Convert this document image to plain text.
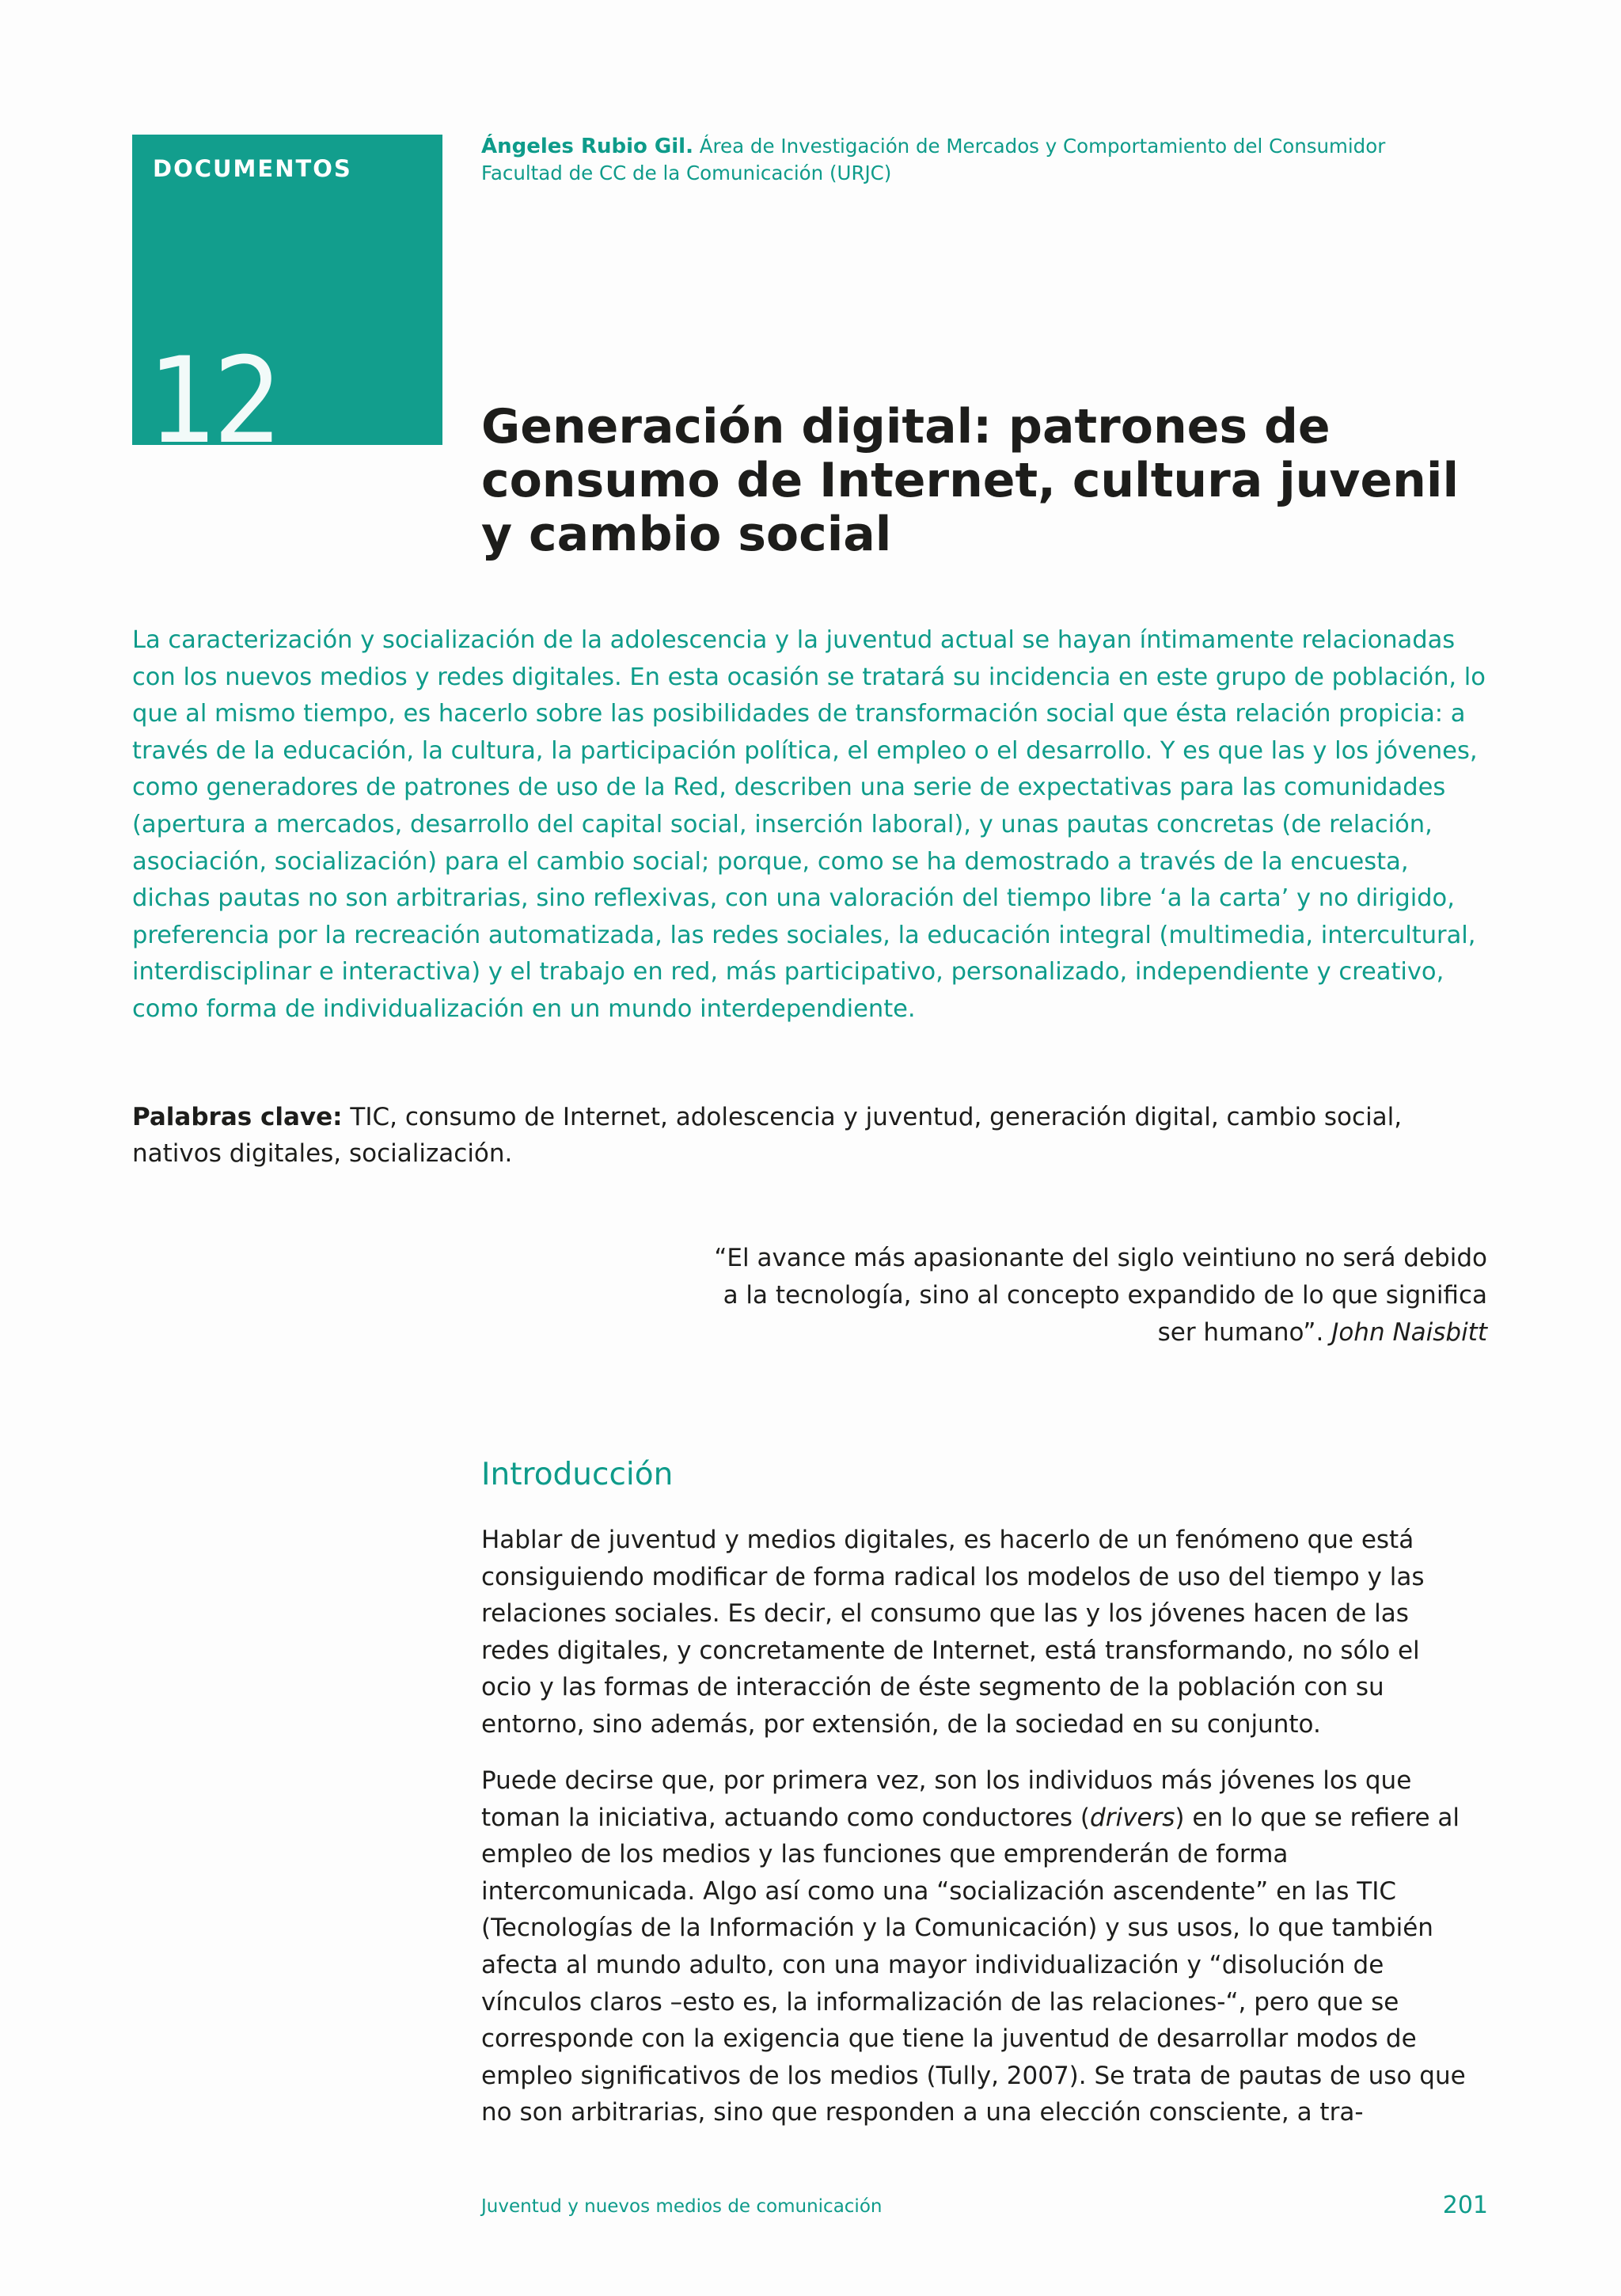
DOCUMENTOS
12
Ángeles Rubio Gil. Área de Investigación de Mercados y Comportamiento del Consumidor
Facultad de CC de la Comunicación (URJC)
Generación digital: patrones de consumo de Internet, cultura juvenil y cambio social

La caracterización y socialización de la adolescencia y la juventud actual se hayan íntimamente relacionadas con los nuevos medios y redes digitales. En esta ocasión se tratará su incidencia en este grupo de población, lo que al mismo tiempo, es hacerlo sobre las posibilidades de transformación social que ésta relación propicia: a través de la educación, la cultura, la participación política, el empleo o el desarrollo. Y es que las y los jóvenes, como generadores de patrones de uso de la Red, describen una serie de expectativas para las comunidades (apertura a mercados, desarrollo del capital social, inserción laboral), y unas pautas concretas (de relación, asociación, socialización) para el cambio social; porque, como se ha demostrado a través de la encuesta, dichas pautas no son arbitrarias, sino reflexivas, con una valoración del tiempo libre ‘a la carta’ y no dirigido, preferencia por la recreación automatizada, las redes sociales, la educación integral (multimedia, intercultural, interdisciplinar e interactiva) y el trabajo en red, más participativo, personalizado, independiente y creativo, como forma de individualización en un mundo interdependiente.

Palabras clave: TIC, consumo de Internet, adolescencia y juventud, generación digital, cambio social, nativos digitales, socialización.

“El avance más apasionante del siglo veintiuno no será debido a la tecnología, sino al concepto expandido de lo que significa ser humano”. John Naisbitt

Introducción

Hablar de juventud y medios digitales, es hacerlo de un fenómeno que está consiguiendo modificar de forma radical los modelos de uso del tiempo y las relaciones sociales. Es decir, el consumo que las y los jóvenes hacen de las redes digitales, y concretamente de Internet, está transformando, no sólo el ocio y las formas de interacción de éste segmento de la población con su entorno, sino además, por extensión, de la sociedad en su conjunto.

Puede decirse que, por primera vez, son los individuos más jóvenes los que toman la iniciativa, actuando como conductores (drivers) en lo que se refiere al empleo de los medios y las funciones que emprenderán de forma intercomunicada. Algo así como una “socialización ascendente” en las TIC (Tecnologías de la Información y la Comunicación) y sus usos, lo que también afecta al mundo adulto, con una mayor individualización y “disolución de vínculos claros –esto es, la informalización de las relaciones-“, pero que se corresponde con la exigencia que tiene la juventud de desarrollar modos de empleo significativos de los medios (Tully, 2007). Se trata de pautas de uso que no son arbitrarias, sino que responden a una elección consciente, a tra-

Juventud y nuevos medios de comunicación	201
